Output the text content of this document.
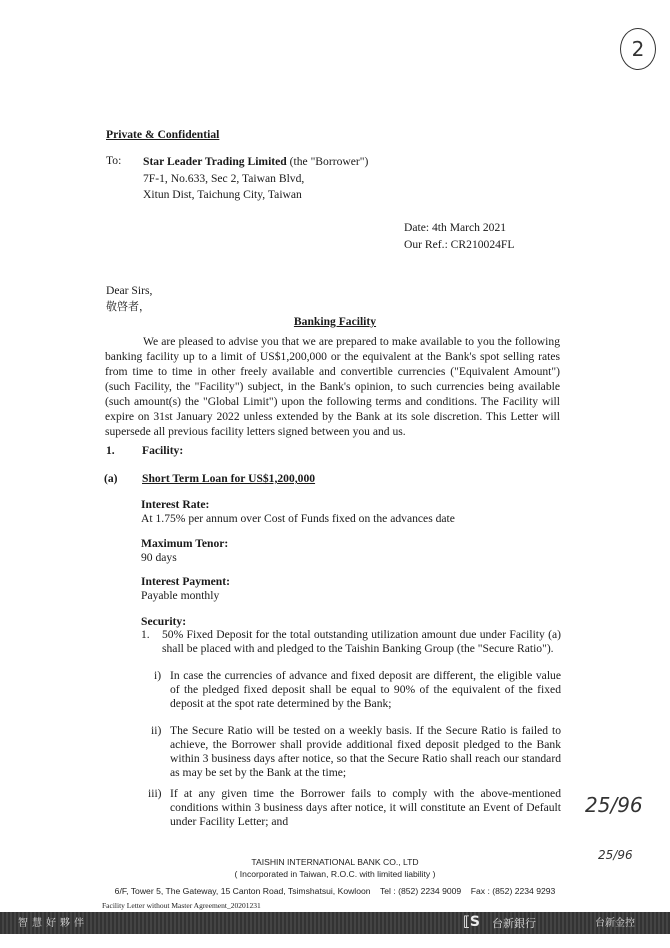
2
Private & Confidential
To: Star Leader Trading Limited (the "Borrower")
7F-1, No.633, Sec 2, Taiwan Blvd,
Xitun Dist, Taichung City, Taiwan
Date: 4th March 2021
Our Ref.: CR210024FL
Dear Sirs,
敬啓者，
Banking Facility

We are pleased to advise you that we are prepared to make available to you the following banking facility up to a limit of US$1,200,000 or the equivalent at the Bank's spot selling rates from time to time in other freely available and convertible currencies ("Equivalent Amount") (such Facility, the "Facility") subject, in the Bank's opinion, to such currencies being available (such amount(s) the "Global Limit") upon the following terms and conditions. The Facility will expire on 31st January 2022 unless extended by the Bank at its sole discretion. This Letter will supersede all previous facility letters signed between you and us.

1. Facility:
(a) Short Term Loan for US$1,200,000
Interest Rate:
At 1.75% per annum over Cost of Funds fixed on the advances date
Maximum Tenor:
90 days
Interest Payment:
Payable monthly
Security:
1. 50% Fixed Deposit for the total outstanding utilization amount due under Facility (a) shall be placed with and pledged to the Taishin Banking Group (the "Secure Ratio").

i) In case the currencies of advance and fixed deposit are different, the eligible value of the pledged fixed deposit shall be equal to 90% of the equivalent of the fixed deposit at the spot rate determined by the Bank;

ii) The Secure Ratio will be tested on a weekly basis. If the Secure Ratio is failed to achieve, the Borrower shall provide additional fixed deposit pledged to the Bank within 3 business days after notice, so that the Secure Ratio shall reach our standard as may be set by the Bank at the time;

iii) If at any given time the Borrower fails to comply with the above-mentioned conditions within 3 business days after notice, it will constitute an Event of Default under Facility Letter; and

25/96
25/96
TAISHIN INTERNATIONAL BANK CO., LTD
( Incorporated in Taiwan, R.O.C. with limited liability )
6/F, Tower 5, The Gateway, 15 Canton Road, Tsimshatsui, Kowloon Tel : (852) 2234 9009 Fax : (852) 2234 9293
Facility Letter without Master Agreement_20201231
智慧好夥伴	⟦S 台新銀行	台新金控
